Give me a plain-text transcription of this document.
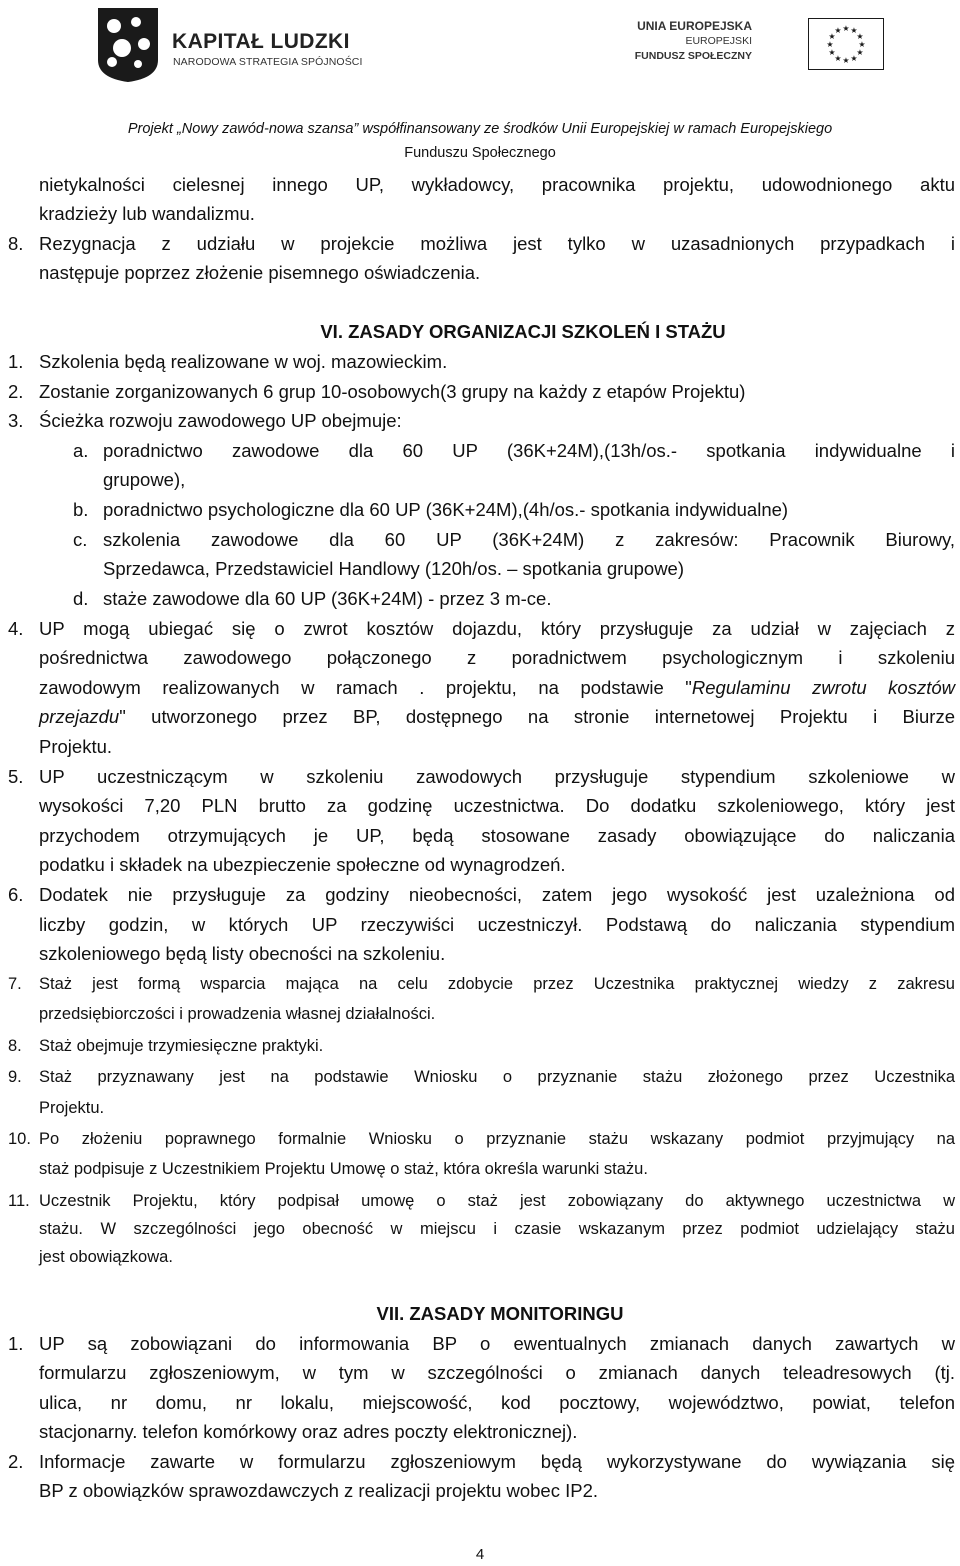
KAPITAŁ LUDZKI
NARODOWA STRATEGIA SPÓJNOŚCI
UNIA EUROPEJSKA
EUROPEJSKI
FUNDUSZ SPOŁECZNY
★ ★
★
★
★
★
★
★
★
★
★
★
Projekt „Nowy zawód-nowa szansa” współfinansowany ze środków Unii Europejskiej w ramach Europejskiego
Funduszu Społecznego
nietykalności cielesnej innego UP, wykładowcy, pracownika projektu, udowodnionego aktu
kradzieży lub wandalizmu.
8. Rezygnacja z udziału w projekcie możliwa jest tylko w uzasadnionych przypadkach i
następuje poprzez złożenie pisemnego oświadczenia.
VI. ZASADY ORGANIZACJI SZKOLEŃ I STAŻU
1. Szkolenia będą realizowane w woj. mazowieckim.
2. Zostanie zorganizowanych 6 grup 10-osobowych(3 grupy na każdy z etapów Projektu)
3. Ścieżka rozwoju zawodowego UP obejmuje:
a. poradnictwo zawodowe dla 60 UP (36K+24M),(13h/os.- spotkania indywidualne i
grupowe),
b. poradnictwo psychologiczne dla 60 UP (36K+24M),(4h/os.- spotkania indywidualne)
c. szkolenia zawodowe dla 60 UP (36K+24M) z zakresów: Pracownik Biurowy,
Sprzedawca, Przedstawiciel Handlowy (120h/os. – spotkania grupowe)
d. staże zawodowe dla 60 UP (36K+24M) - przez 3 m-ce.
4. UP mogą ubiegać się o zwrot kosztów dojazdu, który przysługuje za udział w zajęciach z
pośrednictwa zawodowego połączonego z poradnictwem psychologicznym i szkoleniu
zawodowym realizowanych w ramach . projektu, na podstawie "Regulaminu zwrotu kosztów
przejazdu" utworzonego przez BP, dostępnego na stronie internetowej Projektu i Biurze
Projektu.
5. UP uczestniczącym w szkoleniu zawodowych przysługuje stypendium szkoleniowe w
wysokości 7,20 PLN brutto za godzinę uczestnictwa. Do dodatku szkoleniowego, który jest
przychodem otrzymujących je UP, będą stosowane zasady obowiązujące do naliczania
podatku i składek na ubezpieczenie społeczne od wynagrodzeń.
6. Dodatek nie przysługuje za godziny nieobecności, zatem jego wysokość jest uzależniona od
liczby godzin, w których UP rzeczywiści uczestniczył. Podstawą do naliczania stypendium
szkoleniowego będą listy obecności na szkoleniu.
7. Staż jest formą wsparcia mająca na celu zdobycie przez Uczestnika praktycznej wiedzy z zakresu
przedsiębiorczości i prowadzenia własnej działalności.
8. Staż obejmuje trzymiesięczne praktyki.
9. Staż przyznawany jest na podstawie Wniosku o przyznanie stażu złożonego przez Uczestnika
Projektu.
10. Po złożeniu poprawnego formalnie Wniosku o przyznanie stażu wskazany podmiot przyjmujący na
staż podpisuje z Uczestnikiem Projektu Umowę o staż, która określa warunki stażu.
11. Uczestnik Projektu, który podpisał umowę o staż jest zobowiązany do aktywnego uczestnictwa w
stażu. W szczególności jego obecność w miejscu i czasie wskazanym przez podmiot udzielający stażu
jest obowiązkowa.
VII. ZASADY MONITORINGU
1. UP są zobowiązani do informowania BP o ewentualnych zmianach danych zawartych w
formularzu zgłoszeniowym, w tym w szczególności o zmianach danych teleadresowych (tj.
ulica, nr domu, nr lokalu, miejscowość, kod pocztowy, województwo, powiat, telefon
stacjonarny. telefon komórkowy oraz adres poczty elektronicznej).
2. Informacje zawarte w formularzu zgłoszeniowym będą wykorzystywane do wywiązania się
BP z obowiązków sprawozdawczych z realizacji projektu wobec IP2.
4
